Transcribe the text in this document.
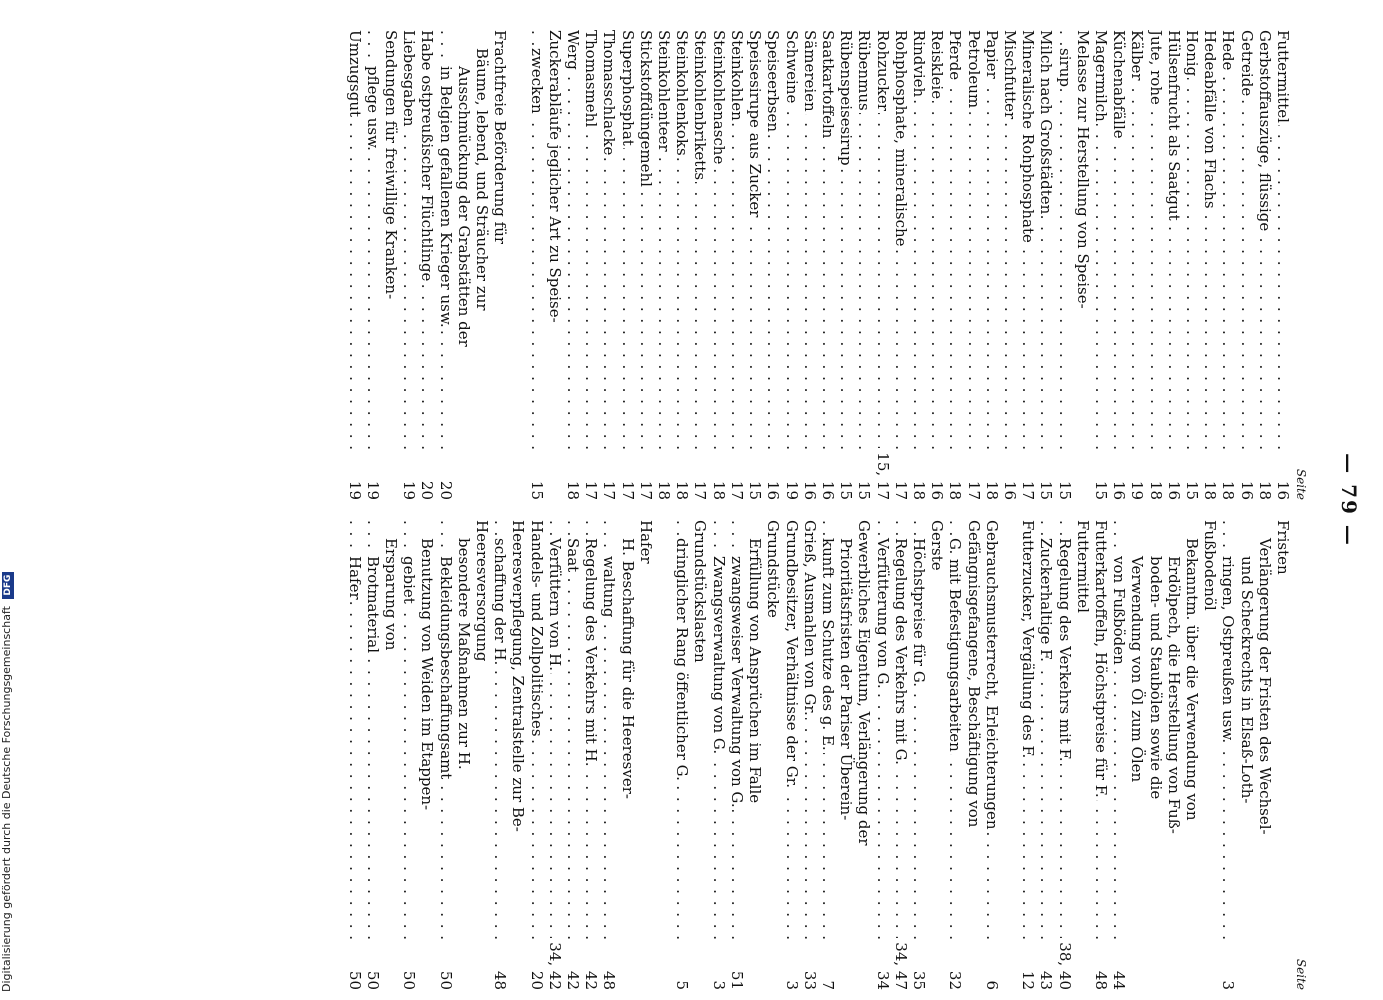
— 79 —
Seite
Futtermittel . . .
16
Gerbstoffauszüge, flüssige . . .
18
Getreide . . .
16
Hede . . .
18
Hedeabfälle von Flachs . . .
18
Honig . . .
15
Hülsenfrucht als Saatgut . . .
16
Jute, rohe . . .
18
Kälber . . .
19
Küchenabfälle . . .
16
Magermilch . . .
15
Melasse zur Herstellung von Speise-
sirup . . .
15
Milch nach Großstädten . . .
15
Mineralische Rohphosphate . . .
17
Mischfutter . . .
16
Papier . . .
18
Petroleum . . .
17
Pferde . . .
18
Reiskleie . . .
16
Rindvieh . . .
18
Rohphosphate, mineralische . . .
17
Rohzucker . . .
15, 17
Rübenmus . . .
15
Rübenspeisesirup . . .
15
Saatkartoffeln . . .
16
Sämereien . . .
16
Schweine . . .
19
Speiseerbsen . . .
16
Speisesirupe aus Zucker . . .
15
Steinkohlen . . .
17
Steinkohlenasche . . .
18
Steinkohlenbriketts . . .
17
Steinkohlenkoks . . .
18
Steinkohlenteer . . .
18
Stickstoffdüngemehl . . .
17
Superphosphat . . .
17
Thomasschlacke . . .
17
Thomasmehl . . .
17
Werg . . .
18
Zuckerabläufe jeglicher Art zu Speise-
zwecken . . .
15

Frachtfreie Beförderung für
Bäume, lebend, und Sträucher zur
Ausschmückung der Grabstätten der
in Belgien gefallenen Krieger usw. . . .
20
Habe ostpreußischer Flüchtlinge . . .
20
Liebesgaben . . .
19
Sendungen für freiwillige Kranken-
pflege usw. . . .
19
Umzugsgut . . .
19
Seite
Fristen
Verlängerung der Fristen des Wechsel-
und Scheckrechts in Elsaß-Loth-
ringen, Ostpreußen usw. . . .
3
Fußbodenöl
Bekanntm. über die Verwendung von
Erdölpech, die Herstellung von Fuß-
boden- und Staubölen sowie die
Verwendung von Öl zum Ölen
von Fußböden . . .
44
Futterkartoffeln, Höchstpreise für F. . . .
48
Futtermittel
Regelung des Verkehrs mit F. . . .
38, 40
Zuckerhaltige F. . . .
43
Futterzucker, Vergällung des F. . . .
12

Gebrauchsmusterrecht, Erleichterungen . . .
6
Gefängnisgefangene, Beschäftigung von
G. mit Befestigungsarbeiten . . .
32
Gerste
Höchstpreise für G. . . .
35
Regelung des Verkehrs mit G. . . .
34, 47
Verfütterung von G. . . .
34
Gewerbliches Eigentum, Verlängerung der
Prioritätsfristen der Pariser Überein-
kunft zum Schutze des g. E. . . .
7
Grieß, Ausmahlen von Gr. . . .
33
Grundbesitzer, Verhältnisse der Gr. . . .
3
Grundstücke
Erfüllung von Ansprüchen im Falle
zwangsweiser Verwaltung von G. . . .
51
Zwangsverwaltung von G. . . .
3
Grundstückslasten
dringlicher Rang öffentlicher G. . . .
5

Hafer
H. Beschaffung für die Heeresver-
waltung . . .
48
Regelung des Verkehrs mit H. . . .
42
Saat . . .
42
Verfüttern von H. . . .
34, 42
Handels- und Zollpolitisches . . .
20
Heeresverpflegung, Zentralstelle zur Be-
schaffung der H. . . .
48
Heeresversorgung
besondere Maßnahmen zur H.
Bekleidungsbeschaffungsamt . . .
50
Benutzung von Weiden im Etappen-
gebiet . . .
50
Ersparung von
Brotmaterial . . .
50
Hafer . . .
50
Digitalisierung gefördert durch die Deutsche Forschungsgemeinschaft DFG
